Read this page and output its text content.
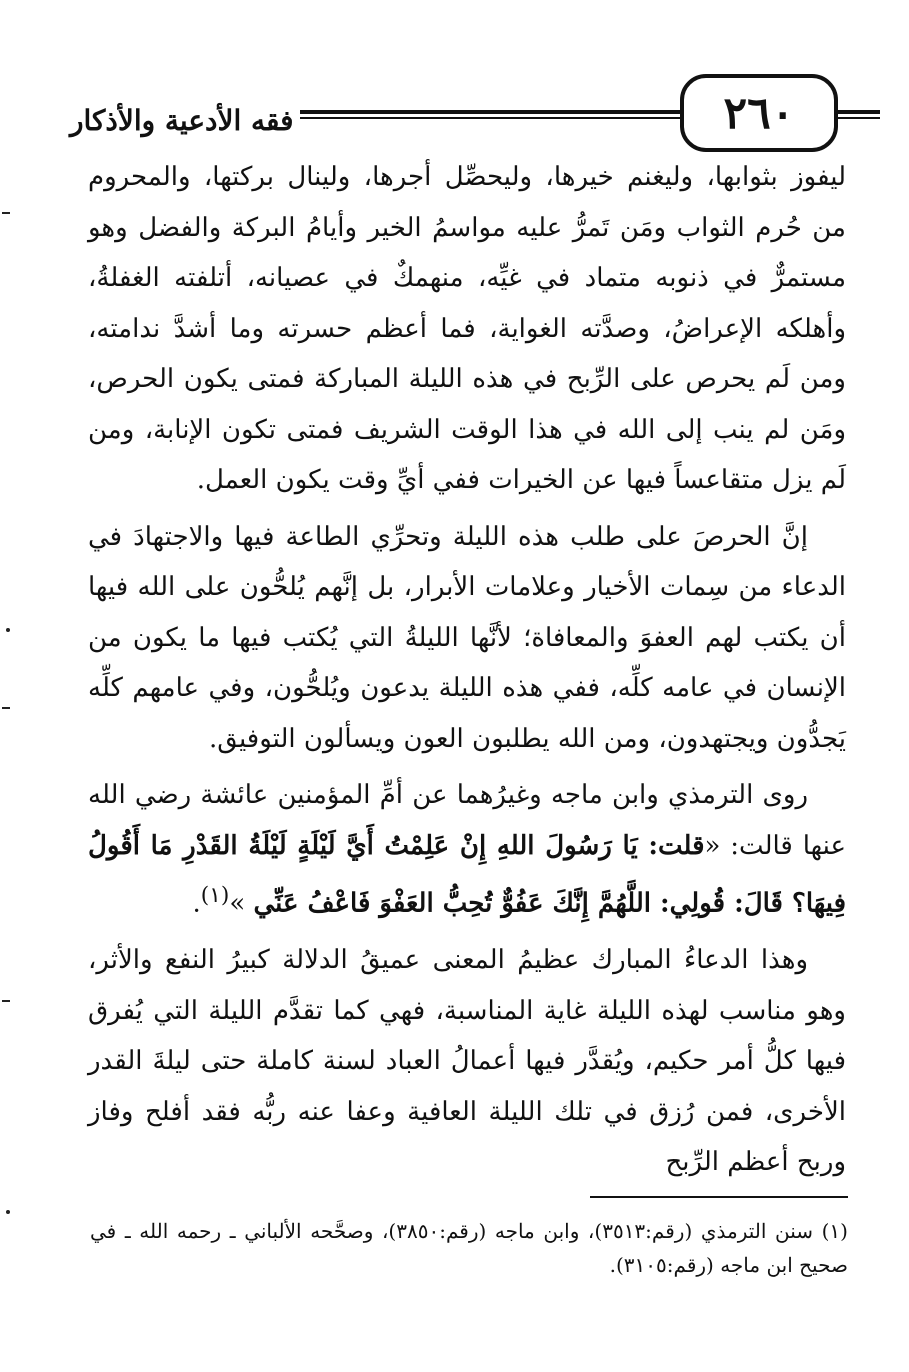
فقه الأدعية والأذكار	٢٦٠

ليفوز بثوابها، وليغنم خيرها، وليحصِّل أجرها، ولينال بركتها، والمحروم من حُرم الثواب ومَن تَمرُّ عليه مواسمُ الخير وأيامُ البركة والفضل وهو مستمرٌّ في ذنوبه متماد في غيِّه، منهمكٌ في عصيانه، أتلفته الغفلةُ، وأهلكه الإعراضُ، وصدَّته الغواية، فما أعظم حسرته وما أشدَّ ندامته، ومن لَم يحرص على الرِّبح في هذه الليلة المباركة فمتى يكون الحرص، ومَن لم ينب إلى الله في هذا الوقت الشريف فمتى تكون الإنابة، ومن لَم يزل متقاعساً فيها عن الخيرات ففي أيِّ وقت يكون العمل.

إنَّ الحرصَ على طلب هذه الليلة وتحرِّي الطاعة فيها والاجتهادَ في الدعاء من سِمات الأخيار وعلامات الأبرار، بل إنَّهم يُلحُّون على الله فيها أن يكتب لهم العفوَ والمعافاة؛ لأنَّها الليلةُ التي يُكتب فيها ما يكون من الإنسان في عامه كلِّه، ففي هذه الليلة يدعون ويُلحُّون، وفي عامهم كلِّه يَجدُّون ويجتهدون، ومن الله يطلبون العون ويسألون التوفيق.

روى الترمذي وابن ماجه وغيرُهما عن أمِّ المؤمنين عائشة رضي الله عنها قالت: «قلت: يَا رَسُولَ اللهِ إِنْ عَلِمْتُ أَيَّ لَيْلَةٍ لَيْلَةُ القَدْرِ مَا أَقُولُ فِيهَا؟ قَالَ: قُولِي: اللَّهُمَّ إِنَّكَ عَفُوٌّ تُحِبُّ العَفْوَ فَاعْفُ عَنِّي »$^{(١)}$.

وهذا الدعاءُ المبارك عظيمُ المعنى عميقُ الدلالة كبيرُ النفع والأثر، وهو مناسب لهذه الليلة غاية المناسبة، فهي كما تقدَّم الليلة التي يُفرق فيها كلُّ أمر حكيم، ويُقدَّر فيها أعمالُ العباد لسنة كاملة حتى ليلةَ القدر الأخرى، فمن رُزق في تلك الليلة العافية وعفا عنه ربُّه فقد أفلح وفاز وربح أعظم الرِّبح

(١) سنن الترمذي (رقم:٣٥١٣)، وابن ماجه (رقم:٣٨٥٠)، وصحَّحه الألباني ـ رحمه الله ـ في صحيح ابن ماجه (رقم:٣١٠٥).
